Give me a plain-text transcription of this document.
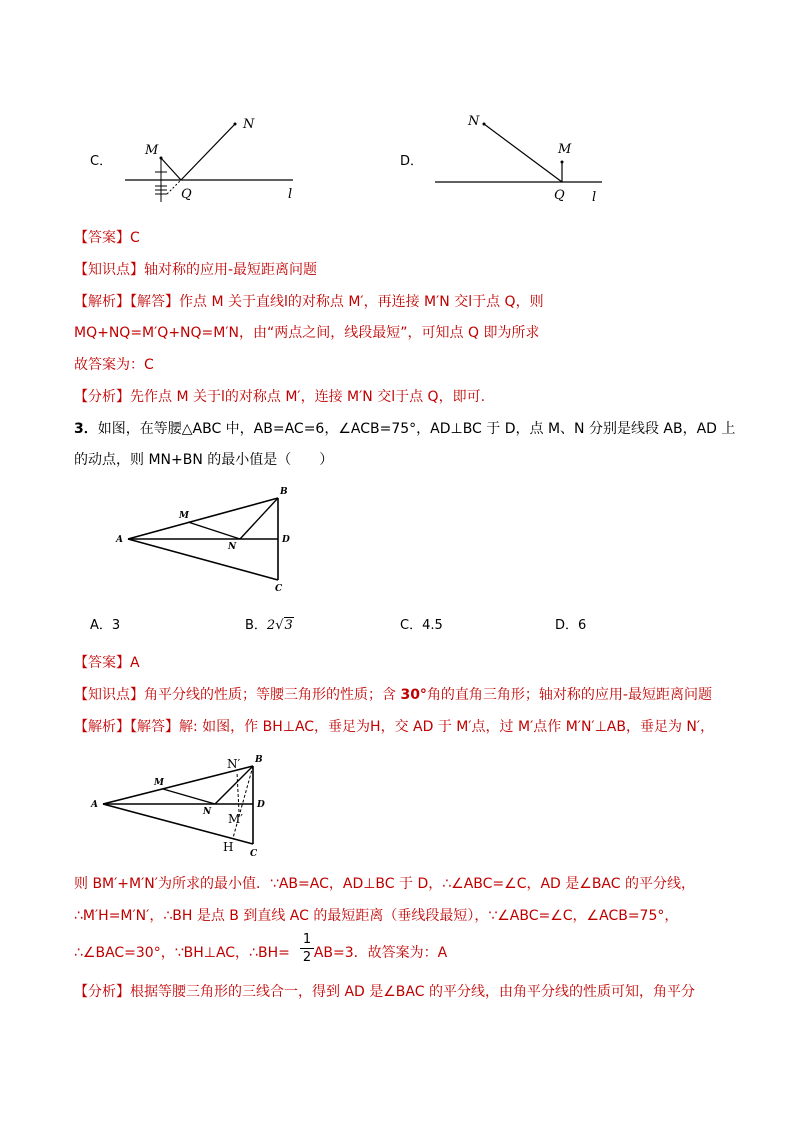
C．
M
N
Q	l
D．
N
M
Q l
【答案】C
【知识点】轴对称的应用-最短距离问题
【解析】【解答】作点 M 关于直线l的对称点 M′，再连接 M′N 交l于点 Q，则
MQ+NQ=M′Q+NQ=M′N，由“两点之间，线段最短”，可知点 Q 即为所求
故答案为：C
【分析】先作点 M 关于l的对称点 M′，连接 M′N 交l于点 Q，即可.
3．如图，在等腰△ABC 中，AB=AC=6，∠ACB=75°，AD⊥BC 于 D，点 M、N 分别是线段 AB，AD 上
的动点，则 MN+BN 的最小值是（　　）
A
B
C
D
M
N
A．3	B．2√3	C．4.5	D．6
【答案】A
【知识点】角平分线的性质；等腰三角形的性质；含 30°角的直角三角形；轴对称的应用-最短距离问题
【解析】【解答】解: 如图，作 BH⊥AC，垂足为H，交 AD 于 M′点，过 M′点作 M′N′⊥AB，垂足为 N′，
N′
M′
H
A
B
C
D
M
N
则 BM′+M′N′为所求的最小值．∵AB=AC，AD⊥BC 于 D，∴∠ABC=∠C，AD 是∠BAC 的平分线，
∴M′H=M′N′，∴BH 是点 B 到直线 AC 的最短距离（垂线段最短），∵∠ABC=∠C，∠ACB=75°，
∴∠BAC=30°，∵BH⊥AC，∴BH= AB=3．故答案为：A
1
2
【分析】根据等腰三角形的三线合一，得到 AD 是∠BAC 的平分线，由角平分线的性质可知，角平分
